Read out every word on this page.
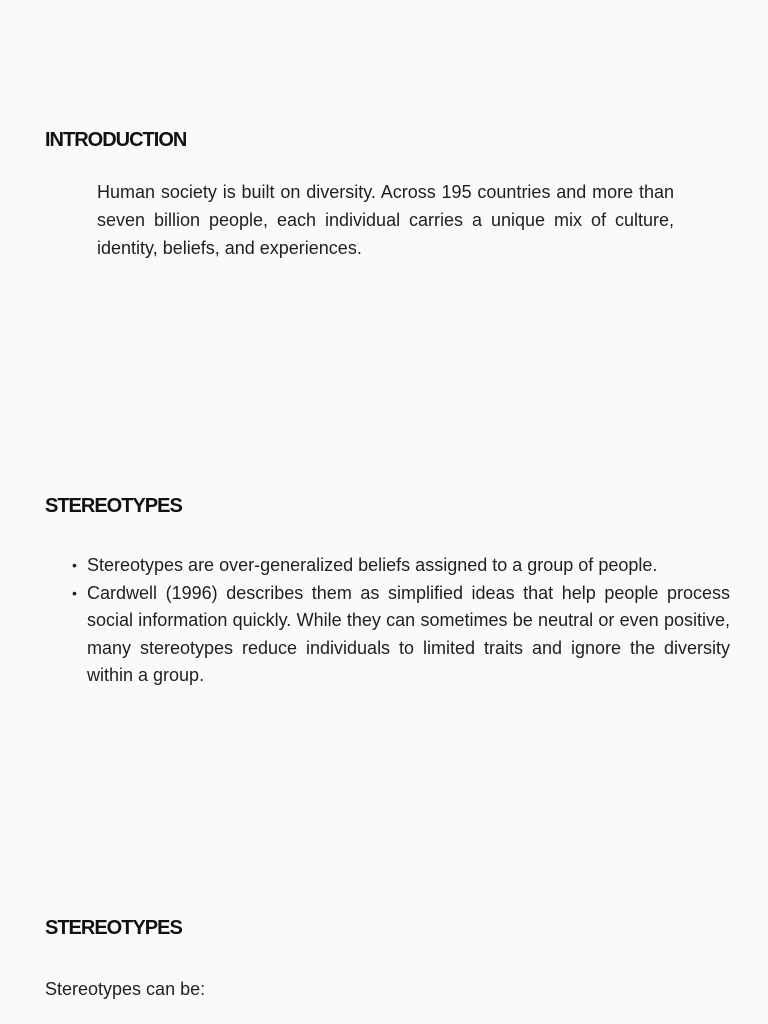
INTRODUCTION

Human society is built on diversity. Across 195 countries and more than seven billion people, each individual carries a unique mix of culture, identity, beliefs, and experiences.

STEREOTYPES
• Stereotypes are over-generalized beliefs assigned to a group of people.
• Cardwell (1996) describes them as simplified ideas that help people process social information quickly. While they can sometimes be neutral or even positive, many stereotypes reduce individuals to limited traits and ignore the diversity within a group.
STEREOTYPES

Stereotypes can be:
